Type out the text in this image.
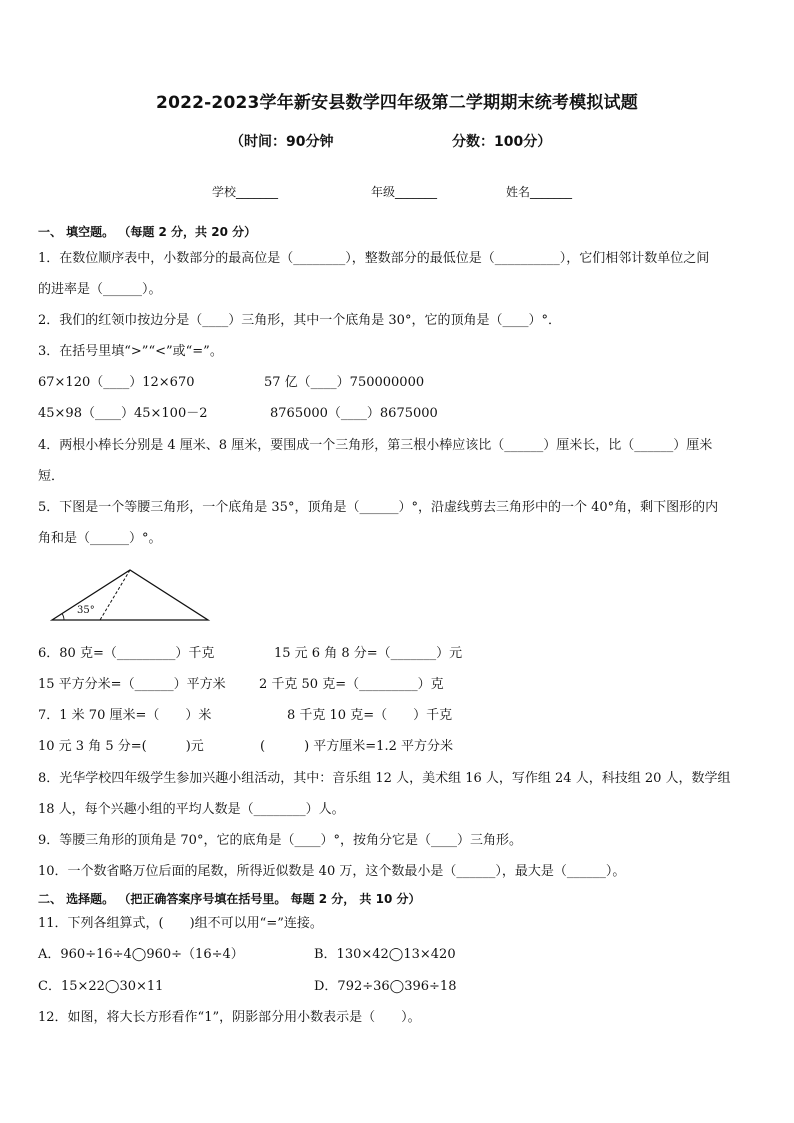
2022-2023学年新安县数学四年级第二学期期末统考模拟试题
（时间：90分钟	分数：100分）
学校_______	年级_______	姓名_______
一、 填空题。 （每题 2 分，共 20 分）
1．在数位顺序表中，小数部分的最高位是（________），整数部分的最低位是（__________），它们相邻计数单位之间
的进率是（______）。
2．我们的红领巾按边分是（____）三角形，其中一个底角是 30°，它的顶角是（____）°．
3．在括号里填“>”“<”或“=”。
67×120（____）12×670	57 亿（____）750000000
45×98（____）45×100－2	8765000（____）8675000
4．两根小棒长分别是 4 厘米、8 厘米，要围成一个三角形，第三根小棒应该比（______）厘米长，比（______）厘米
短．
5．下图是一个等腰三角形，一个底角是 35°，顶角是（______）°，沿虚线剪去三角形中的一个 40°角，剩下图形的内
角和是（______）°。
35°
6．80 克=（_________）千克	15 元 6 角 8 分=（_______）元
15 平方分米=（______）平方米	2 千克 50 克=（_________）克
7．1 米 70 厘米=（　　）米	8 千克 10 克=（　　）千克
10 元 3 角 5 分=(　　　)元	(　　　) 平方厘米=1.2 平方分米
8．光华学校四年级学生参加兴趣小组活动，其中：音乐组 12 人，美术组 16 人，写作组 24 人，科技组 20 人，数学组
18 人，每个兴趣小组的平均人数是（________）人。
9．等腰三角形的顶角是 70°，它的底角是（____）°，按角分它是（____）三角形。
10．一个数省略万位后面的尾数，所得近似数是 40 万，这个数最小是（______），最大是（______）。
二、 选择题。 （把正确答案序号填在括号里。 每题 2 分， 共 10 分）
11．下列各组算式，(　　)组不可以用“=”连接。
A．960÷16÷4◯960÷（16÷4）	B．130×42◯13×420
C．15×22◯30×11	D．792÷36◯396÷18
12．如图，将大长方形看作“1”，阴影部分用小数表示是（　　）。
